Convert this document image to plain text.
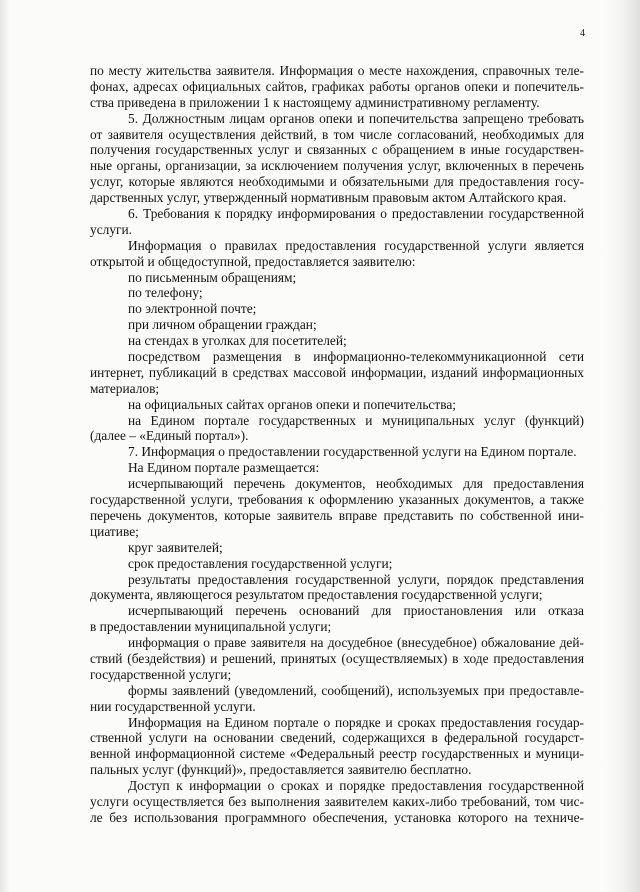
4
по месту жительства заявителя. Информация о месте нахождения, справочных теле-
фонах, адресах официальных сайтов, графиках работы органов опеки и попечитель-
ства приведена в приложении 1 к настоящему административному регламенту.
5. Должностным лицам органов опеки и попечительства запрещено требовать
от заявителя осуществления действий, в том числе согласований, необходимых для
получения государственных услуг и связанных с обращением в иные государствен-
ные органы, организации, за исключением получения услуг, включенных в перечень
услуг, которые являются необходимыми и обязательными для предоставления госу-
дарственных услуг, утвержденный нормативным правовым актом Алтайского края.
6. Требования к порядку информирования о предоставлении государственной
услуги.
Информация о правилах предоставления государственной услуги является
открытой и общедоступной, предоставляется заявителю:
по письменным обращениям;
по телефону;
по электронной почте;
при личном обращении граждан;
на стендах в уголках для посетителей;
посредством размещения в информационно-телекоммуникационной сети
интернет, публикаций в средствах массовой информации, изданий информационных
материалов;
на официальных сайтах органов опеки и попечительства;
на Едином портале государственных и муниципальных услуг (функций)
(далее – «Единый портал»).
7. Информация о предоставлении государственной услуги на Едином портале.
На Едином портале размещается:
исчерпывающий перечень документов, необходимых для предоставления
государственной услуги, требования к оформлению указанных документов, а также
перечень документов, которые заявитель вправе представить по собственной ини-
циативе;
круг заявителей;
срок предоставления государственной услуги;
результаты предоставления государственной услуги, порядок представления
документа, являющегося результатом предоставления государственной услуги;
исчерпывающий перечень оснований для приостановления или отказа
в предоставлении муниципальной услуги;
информация о праве заявителя на досудебное (внесудебное) обжалование дей-
ствий (бездействия) и решений, принятых (осуществляемых) в ходе предоставления
государственной услуги;
формы заявлений (уведомлений, сообщений), используемых при предоставле-
нии государственной услуги.
Информация на Едином портале о порядке и сроках предоставления государ-
ственной услуги на основании сведений, содержащихся в федеральной государст-
венной информационной системе «Федеральный реестр государственных и муници-
пальных услуг (функций)», предоставляется заявителю бесплатно.
Доступ к информации о сроках и порядке предоставления государственной
услуги осуществляется без выполнения заявителем каких-либо требований, том чис-
ле без использования программного обеспечения, установка которого на техниче-
